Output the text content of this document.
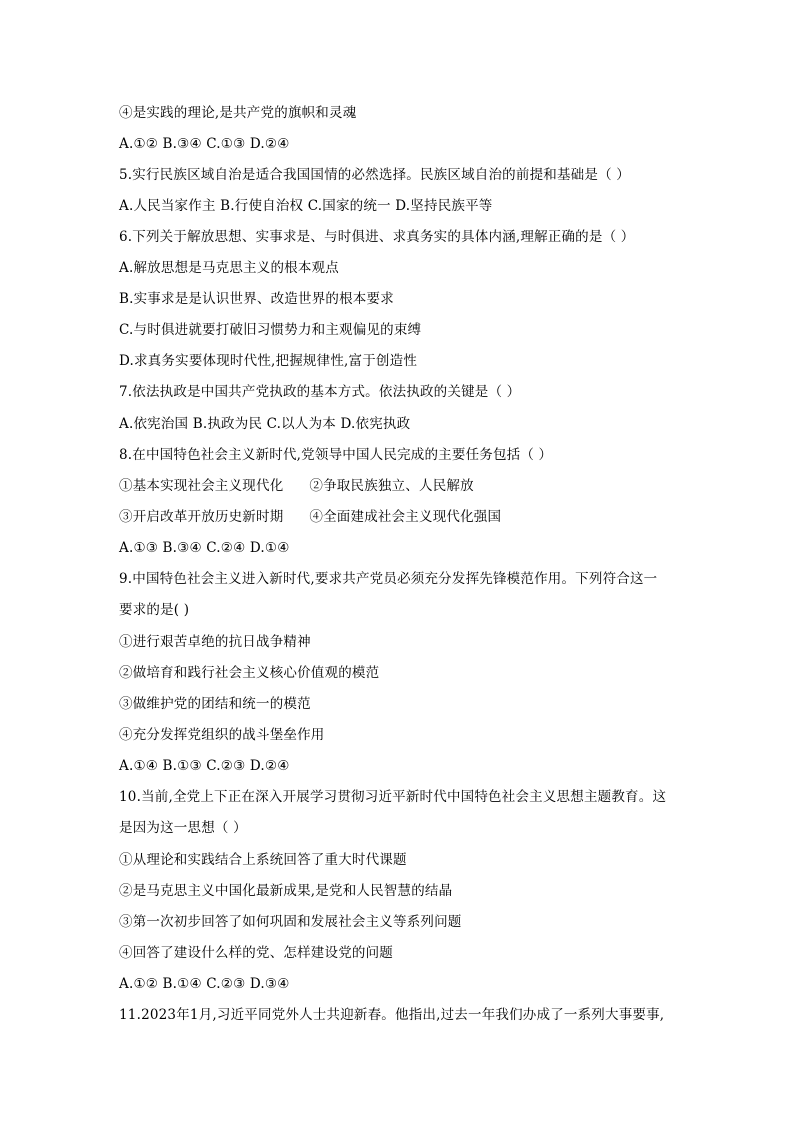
④是实践的理论,是共产党的旗帜和灵魂
A.①② B.③④ C.①③ D.②④
5.实行民族区域自治是适合我国国情的必然选择。民族区域自治的前提和基础是（ ）
A.人民当家作主 B.行使自治权 C.国家的统一 D.坚持民族平等
6.下列关于解放思想、实事求是、与时俱进、求真务实的具体内涵,理解正确的是（ ）
A.解放思想是马克思主义的根本观点
B.实事求是是认识世界、改造世界的根本要求
C.与时俱进就要打破旧习惯势力和主观偏见的束缚
D.求真务实要体现时代性,把握规律性,富于创造性
7.依法执政是中国共产党执政的基本方式。依法执政的关键是（ ）
A.依宪治国 B.执政为民 C.以人为本 D.依宪执政
8.在中国特色社会主义新时代,党领导中国人民完成的主要任务包括（ ）
①基本实现社会主义现代化 ②争取民族独立、人民解放
③开启改革开放历史新时期 ④全面建成社会主义现代化强国
A.①③ B.③④ C.②④ D.①④
9.中国特色社会主义进入新时代,要求共产党员必须充分发挥先锋模范作用。下列符合这一
要求的是( )
①进行艰苦卓绝的抗日战争精神
②做培育和践行社会主义核心价值观的模范
③做维护党的团结和统一的模范
④充分发挥党组织的战斗堡垒作用
A.①④ B.①③ C.②③ D.②④
10.当前,全党上下正在深入开展学习贯彻习近平新时代中国特色社会主义思想主题教育。这
是因为这一思想（ ）
①从理论和实践结合上系统回答了重大时代课题
②是马克思主义中国化最新成果,是党和人民智慧的结晶
③第一次初步回答了如何巩固和发展社会主义等系列问题
④回答了建设什么样的党、怎样建设党的问题
A.①② B.①④ C.②③ D.③④
11.2023年1月,习近平同党外人士共迎新春。他指出,过去一年我们办成了一系列大事要事,
